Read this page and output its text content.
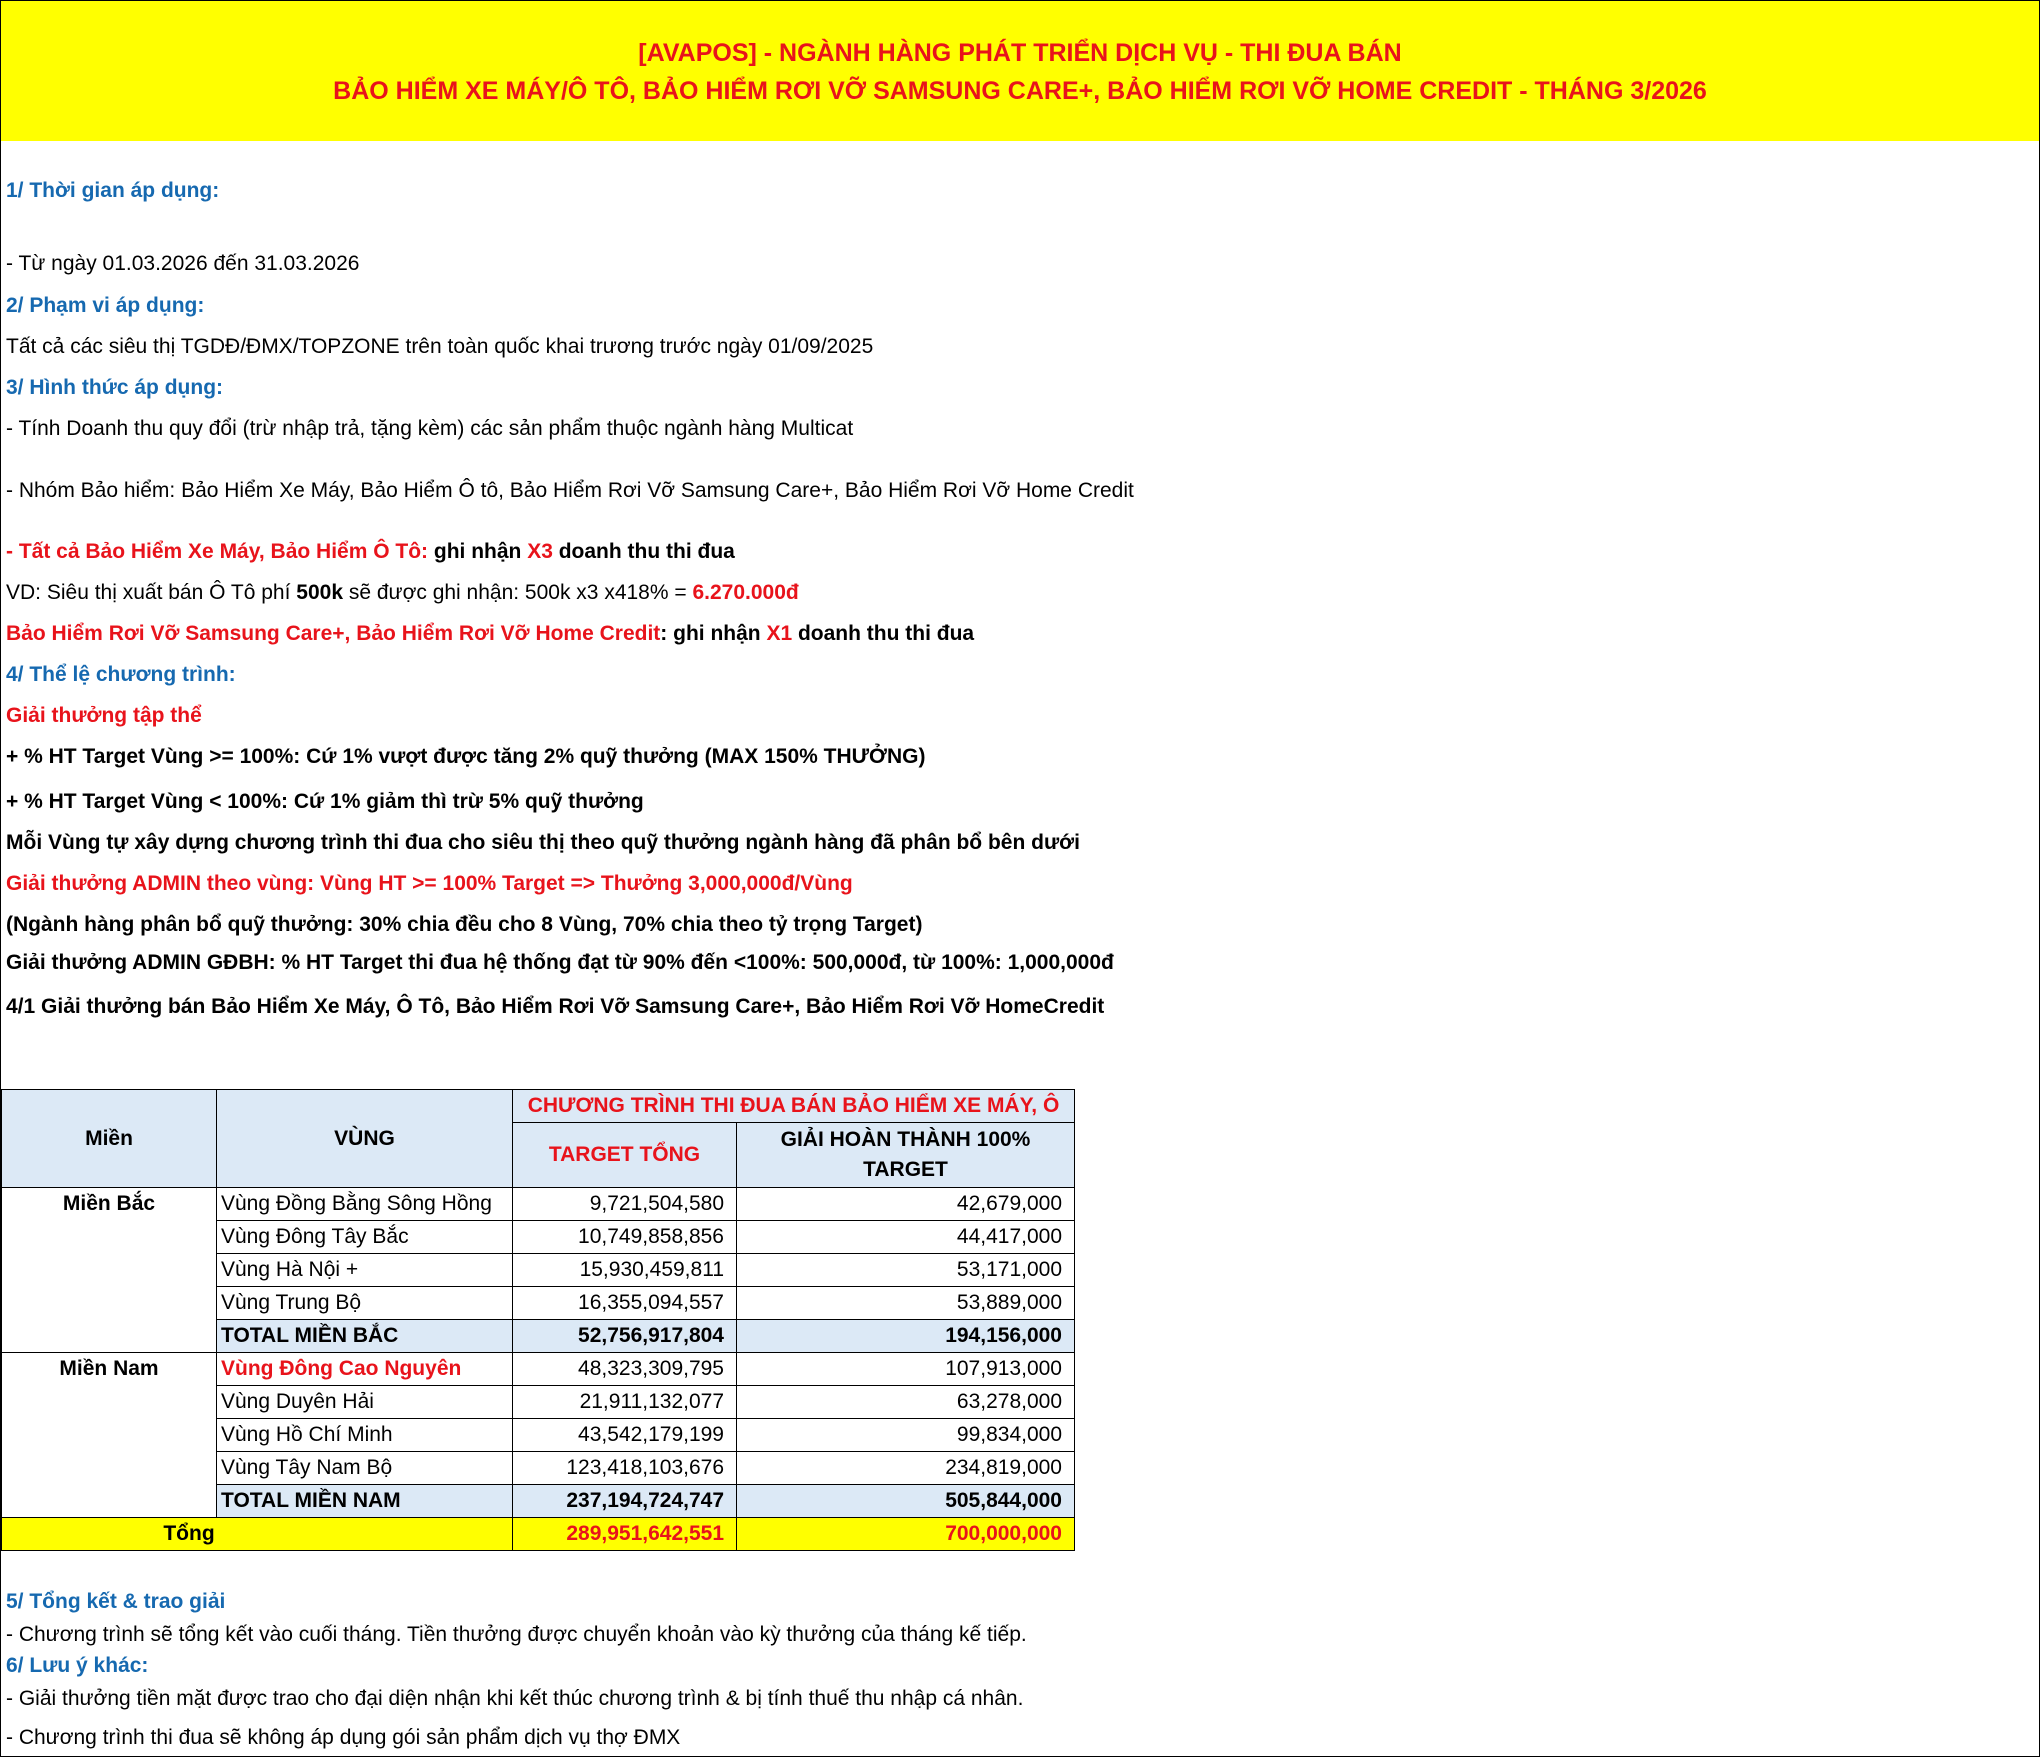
[AVAPOS] - NGÀNH HÀNG PHÁT TRIỂN DỊCH VỤ - THI ĐUA BÁN
BẢO HIỂM XE MÁY/Ô TÔ, BẢO HIỂM RƠI VỠ SAMSUNG CARE+, BẢO HIỂM RƠI VỠ HOME CREDIT - THÁNG 3/2026
1/ Thời gian áp dụng:
- Từ ngày 01.03.2026 đến 31.03.2026
2/ Phạm vi áp dụng:
Tất cả các siêu thị TGDĐ/ĐMX/TOPZONE trên toàn quốc khai trương trước ngày 01/09/2025
3/ Hình thức áp dụng:
- Tính Doanh thu quy đổi (trừ nhập trả, tặng kèm) các sản phẩm thuộc ngành hàng Multicat
- Nhóm Bảo hiểm: Bảo Hiểm Xe Máy, Bảo Hiểm Ô tô, Bảo Hiểm Rơi Vỡ Samsung Care+, Bảo Hiểm Rơi Vỡ Home Credit
- Tất cả Bảo Hiểm Xe Máy, Bảo Hiểm Ô Tô: ghi nhận X3 doanh thu thi đua
VD: Siêu thị xuất bán Ô Tô phí 500k sẽ được ghi nhận: 500k x3 x418% = 6.270.000đ
Bảo Hiểm Rơi Vỡ Samsung Care+, Bảo Hiểm Rơi Vỡ Home Credit: ghi nhận X1 doanh thu thi đua
4/ Thể lệ chương trình:
Giải thưởng tập thể
+ % HT Target Vùng >= 100%: Cứ 1% vượt được tăng 2% quỹ thưởng (MAX 150% THƯỞNG)
+ % HT Target Vùng < 100%: Cứ 1% giảm thì trừ 5% quỹ thưởng
Mỗi Vùng tự xây dựng chương trình thi đua cho siêu thị theo quỹ thưởng ngành hàng đã phân bổ bên dưới
Giải thưởng ADMIN theo vùng: Vùng HT >= 100% Target => Thưởng 3,000,000đ/Vùng
(Ngành hàng phân bổ quỹ thưởng: 30% chia đều cho 8 Vùng, 70% chia theo tỷ trọng Target)
Giải thưởng ADMIN GĐBH: % HT Target thi đua hệ thống đạt từ 90% đến <100%: 500,000đ, từ 100%: 1,000,000đ
4/1 Giải thưởng bán Bảo Hiểm Xe Máy, Ô Tô, Bảo Hiểm Rơi Vỡ Samsung Care+, Bảo Hiểm Rơi Vỡ HomeCredit
Miền	VÙNG	CHƯƠNG TRÌNH THI ĐUA BÁN BẢO HIỂM XE MÁY, Ô	
		TARGET TỔNG	GIẢI HOÀN THÀNH 100% TARGET
Miền Bắc	Vùng Đồng Bằng Sông Hồng	9,721,504,580	42,679,000
	Vùng Đông Tây Bắc	10,749,858,856	44,417,000
	Vùng Hà Nội +	15,930,459,811	53,171,000
	Vùng Trung Bộ	16,355,094,557	53,889,000
	TOTAL MIỀN BẮC	52,756,917,804	194,156,000
Miền Nam	Vùng Đông Cao Nguyên	48,323,309,795	107,913,000
	Vùng Duyên Hải	21,911,132,077	63,278,000
	Vùng Hồ Chí Minh	43,542,179,199	99,834,000
	Vùng Tây Nam Bộ	123,418,103,676	234,819,000
	TOTAL MIỀN NAM	237,194,724,747	505,844,000
Tổng		289,951,642,551	700,000,000
5/ Tổng kết & trao giải
- Chương trình sẽ tổng kết vào cuối tháng. Tiền thưởng được chuyển khoản vào kỳ thưởng của tháng kế tiếp.
6/ Lưu ý khác:
- Giải thưởng tiền mặt được trao cho đại diện nhận khi kết thúc chương trình & bị tính thuế thu nhập cá nhân.
- Chương trình thi đua sẽ không áp dụng gói sản phẩm dịch vụ thợ ĐMX
